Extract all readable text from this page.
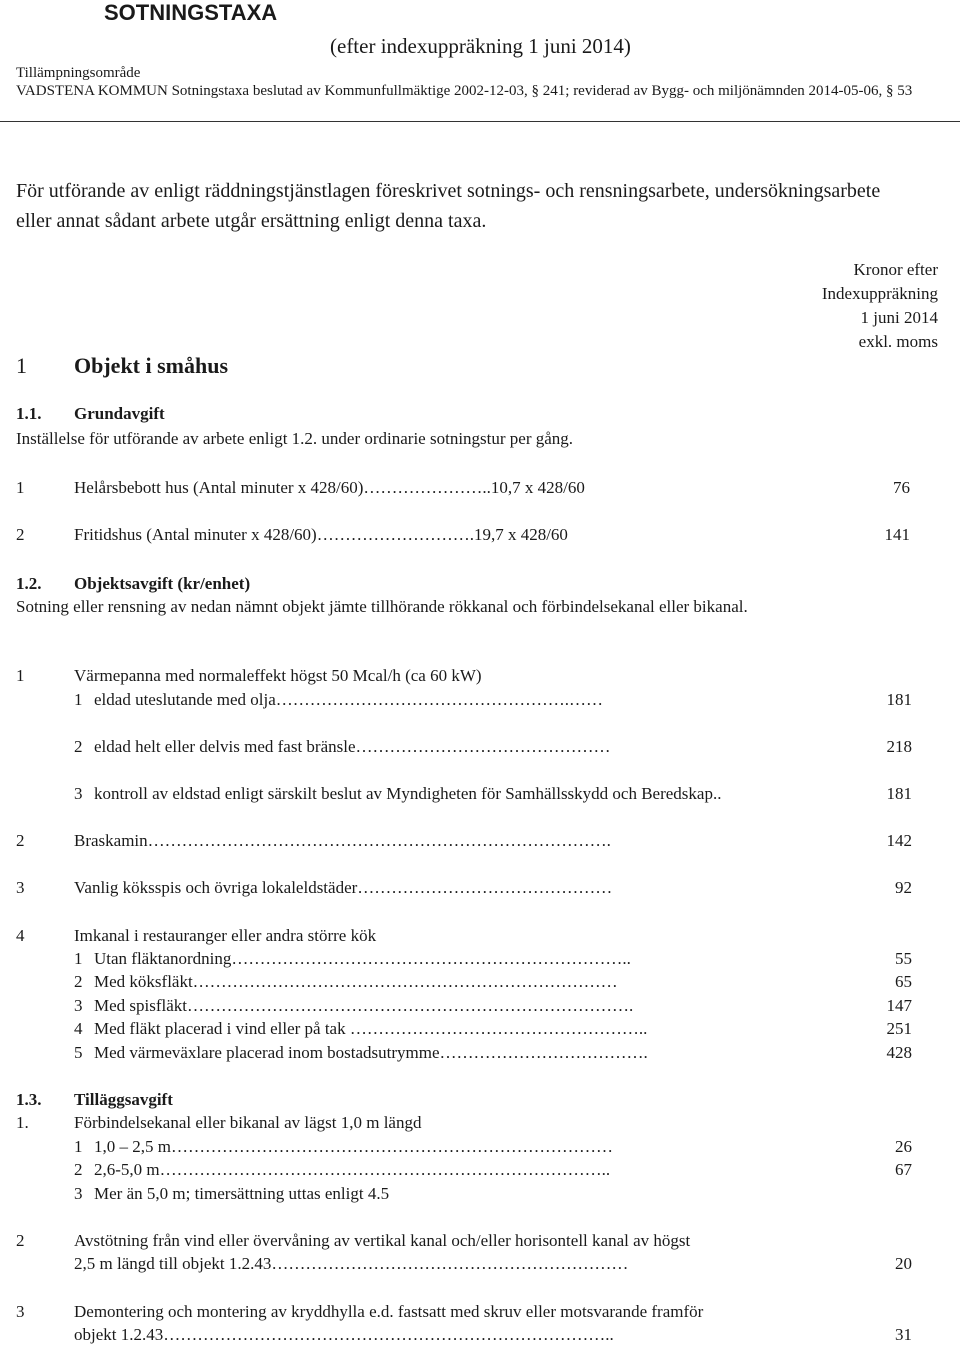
SOTNINGSTAXA
(efter indexuppräkning 1 juni 2014)
Tillämpningsområde
VADSTENA KOMMUN Sotningstaxa beslutad av Kommunfullmäktige 2002-12-03, § 241; reviderad av Bygg- och miljönämnden 2014-05-06, § 53
För utförande av enligt räddningstjänstlagen föreskrivet sotnings- och rensningsarbete, undersökningsarbete eller annat sådant arbete utgår ersättning enligt denna taxa.
Kronor efter
Indexuppräkning
1 juni 2014
exkl. moms
1 Objekt i småhus
1.1. Grundavgift
Inställelse för utförande av arbete enligt 1.2. under ordinarie sotningstur per gång.
1	Helårsbebott hus (Antal minuter x 428/60)…………………..10,7 x 428/60	76
2	Fritidshus (Antal minuter x 428/60)……………………….19,7 x 428/60	141
1.2. Objektsavgift (kr/enhet)
Sotning eller rensning av nedan nämnt objekt jämte tillhörande rökkanal och förbindelsekanal eller bikanal.
1	Värmepanna med normaleffekt högst 50 Mcal/h (ca 60 kW)
1 eldad uteslutande med olja…………………………………………….……	181
2 eldad helt eller delvis med fast bränsle………………………………………	218
3 kontroll av eldstad enligt särskilt beslut av Myndigheten för Samhällsskydd och Beredskap..	181
2	Braskamin……………………………………………………………………….	142
3	Vanlig köksspis och övriga lokaleldstäder………………………………………	92
4	Imkanal i restauranger eller andra större kök
1 Utan fläktanordning……………………………………………………………..	55
2 Med köksfläkt…………………………………………………………………	65
3 Med spisfläkt…………………………………………………………………….	147
4 Med fläkt placerad i vind eller på tak ……………………………………………..	251
5 Med värmeväxlare placerad inom bostadsutrymme……………………………….	428
1.3. Tilläggsavgift
1.	Förbindelsekanal eller bikanal av lägst 1,0 m längd
1 1,0 – 2,5 m……………………………………………………………………	26
2 2,6-5,0 m……………………………………………………………………..	67
3 Mer än 5,0 m; timersättning uttas enligt 4.5
2	Avstötning från vind eller övervåning av vertikal kanal och/eller horisontell kanal av högst
2,5 m längd till objekt 1.2.43………………………………………………………	20
3	Demontering och montering av kryddhylla e.d. fastsatt med skruv eller motsvarande framför
objekt 1.2.43……………………………………………………………………..	31
